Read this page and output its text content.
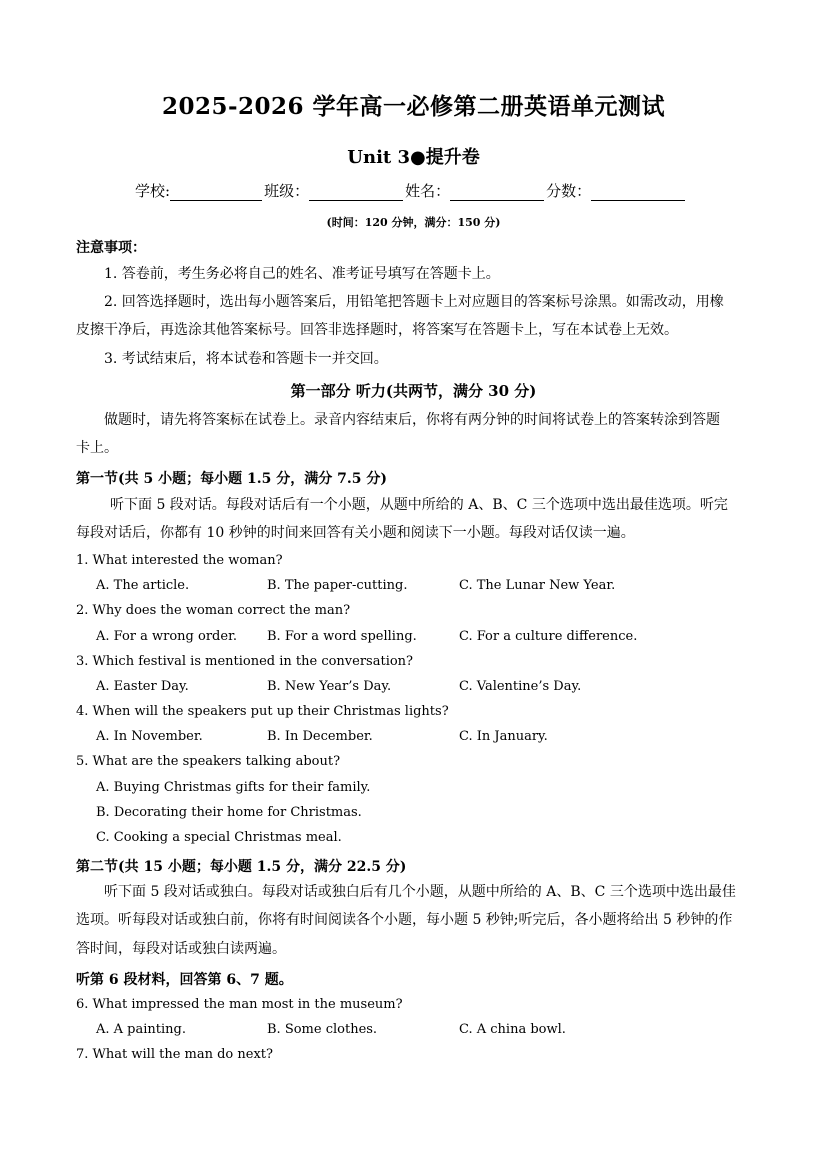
2025-2026 学年高一必修第二册英语单元测试
Unit 3●提升卷
学校:	班级：	姓名：	分数：
(时间：120 分钟，满分：150 分)
注意事项：
1. 答卷前，考生务必将自己的姓名、准考证号填写在答题卡上。
2. 回答选择题时，选出每小题答案后，用铅笔把答题卡上对应题目的答案标号涂黑。如需改动，用橡
皮擦干净后，再选涂其他答案标号。回答非选择题时，将答案写在答题卡上，写在本试卷上无效。
3. 考试结束后，将本试卷和答题卡一并交回。
第一部分 听力(共两节，满分 30 分)
做题时，请先将答案标在试卷上。录音内容结束后，你将有两分钟的时间将试卷上的答案转涂到答题
卡上。
第一节(共 5 小题；每小题 1.5 分，满分 7.5 分)
听下面 5 段对话。每段对话后有一个小题，从题中所给的 A、B、C 三个选项中选出最佳选项。听完
每段对话后，你都有 10 秒钟的时间来回答有关小题和阅读下一小题。每段对话仅读一遍。
1. What interested the woman?
A. The article.	B. The paper-cutting.	C. The Lunar New Year.
2. Why does the woman correct the man?
A. For a wrong order. B. For a word spelling.	C. For a culture difference.
3. Which festival is mentioned in the conversation?
A. Easter Day.	B. New Year’s Day.	C. Valentine’s Day.
4. When will the speakers put up their Christmas lights?
A. In November.	B. In December.	C. In January.
5. What are the speakers talking about?
A. Buying Christmas gifts for their family.
B. Decorating their home for Christmas.
C. Cooking a special Christmas meal.
第二节(共 15 小题；每小题 1.5 分，满分 22.5 分)
听下面 5 段对话或独白。每段对话或独白后有几个小题，从题中所给的 A、B、C 三个选项中选出最佳
选项。听每段对话或独白前，你将有时间阅读各个小题，每小题 5 秒钟;听完后，各小题将给出 5 秒钟的作
答时间，每段对话或独白读两遍。
听第 6 段材料，回答第 6、7 题。
6. What impressed the man most in the museum?
A. A painting.	B. Some clothes.	C. A china bowl.
7. What will the man do next?
